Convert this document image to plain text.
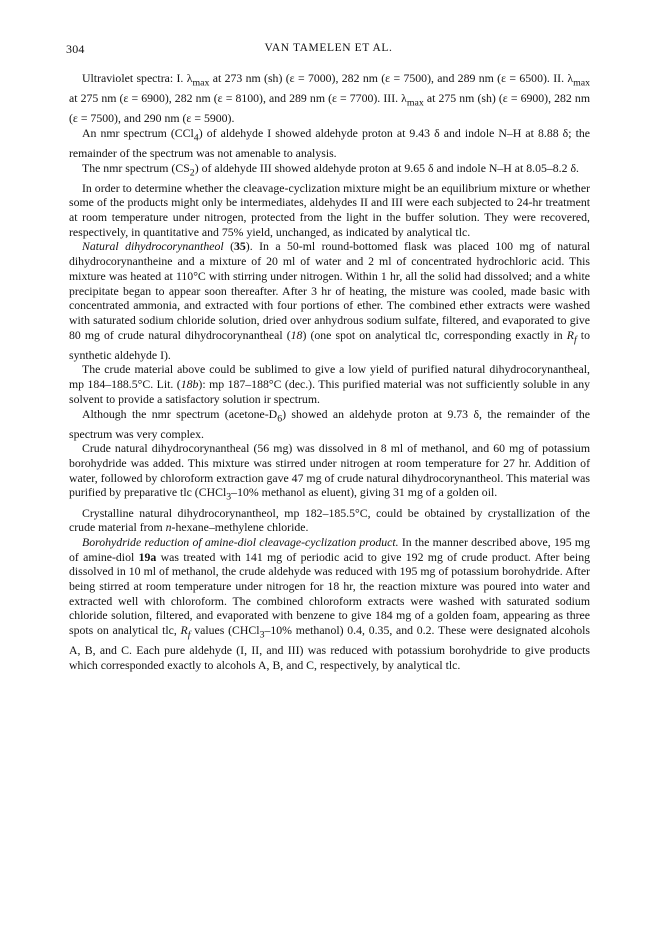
304	VAN TAMELEN ET AL.

Ultraviolet spectra: I. $\lambda_{max}$ at 273 nm (sh) (ε = 7000), 282 nm (ε = 7500), and 289 nm (ε = 6500). II. $\lambda_{max}$ at 275 nm (ε = 6900), 282 nm (ε = 8100), and 289 nm (ε = 7700). III. $\lambda_{max}$ at 275 nm (sh) (ε = 6900), 282 nm (ε = 7500), and 290 nm (ε = 5900).

An nmr spectrum (CCl$_4$) of aldehyde I showed aldehyde proton at 9.43 δ and indole N–H at 8.88 δ; the remainder of the spectrum was not amenable to analysis.

The nmr spectrum $(CS_2)$ of aldehyde III showed aldehyde proton at 9.65 δ and indole N–H at 8.05–8.2 δ.

In order to determine whether the cleavage-cyclization mixture might be an equilibrium mixture or whether some of the products might only be intermediates, aldehydes II and III were each subjected to 24-hr treatment at room temperature under nitrogen, protected from the light in the buffer solution. They were recovered, respectively, in quantitative and 75% yield, unchanged, as indicated by analytical tlc.

Natural dihydrocorynantheol (35). In a 50-ml round-bottomed flask was placed 100 mg of natural dihydrocorynantheine and a mixture of 20 ml of water and 2 ml of concentrated hydrochloric acid. This mixture was heated at 110°C with stirring under nitrogen. Within 1 hr, all the solid had dissolved; and a white precipitate began to appear soon thereafter. After 3 hr of heating, the misture was cooled, made basic with concentrated ammonia, and extracted with four portions of ether. The combined ether extracts were washed with saturated sodium chloride solution, dried over anhydrous sodium sulfate, filtered, and evaporated to give 80 mg of crude natural dihydrocorynantheal (18) (one spot on analytical tlc, corresponding exactly in $R_f$ to synthetic aldehyde I).

The crude material above could be sublimed to give a low yield of purified natural dihydrocorynantheal, mp 184–188.5°C. Lit. (18b): mp 187–188°C (dec.). This purified material was not sufficiently soluble in any solvent to provide a satisfactory solution ir spectrum.

Although the nmr spectrum $(acetone-D_6)$ showed an aldehyde proton at 9.73 δ, the remainder of the spectrum was very complex.

Crude natural dihydrocorynantheal (56 mg) was dissolved in 8 ml of methanol, and 60 mg of potassium borohydride was added. This mixture was stirred under nitrogen at room temperature for 27 hr. Addition of water, followed by chloroform extraction gave 47 mg of crude natural dihydrocorynantheol. This material was purified by preparative tlc (CHCl$_3$–10% methanol as eluent), giving 31 mg of a golden oil.

Crystalline natural dihydrocorynantheol, mp 182–185.5°C, could be obtained by crystallization of the crude material from n-hexane–methylene chloride.

Borohydride reduction of amine-diol cleavage-cyclization product. In the manner described above, 195 mg of amine-diol 19a was treated with 141 mg of periodic acid to give 192 mg of crude product. After being dissolved in 10 ml of methanol, the crude aldehyde was reduced with 195 mg of potassium borohydride. After being stirred at room temperature under nitrogen for 18 hr, the reaction mixture was poured into water and extracted well with chloroform. The combined chloroform extracts were washed with saturated sodium chloride solution, filtered, and evaporated with benzene to give 184 mg of a golden foam, appearing as three spots on analytical tlc, $R_f$ values (CHCl$_3$–10% methanol) 0.4, 0.35, and 0.2. These were designated alcohols A, B, and C. Each pure aldehyde (I, II, and III) was reduced with potassium borohydride to give products which corresponded exactly to alcohols A, B, and C, respectively, by analytical tlc.
